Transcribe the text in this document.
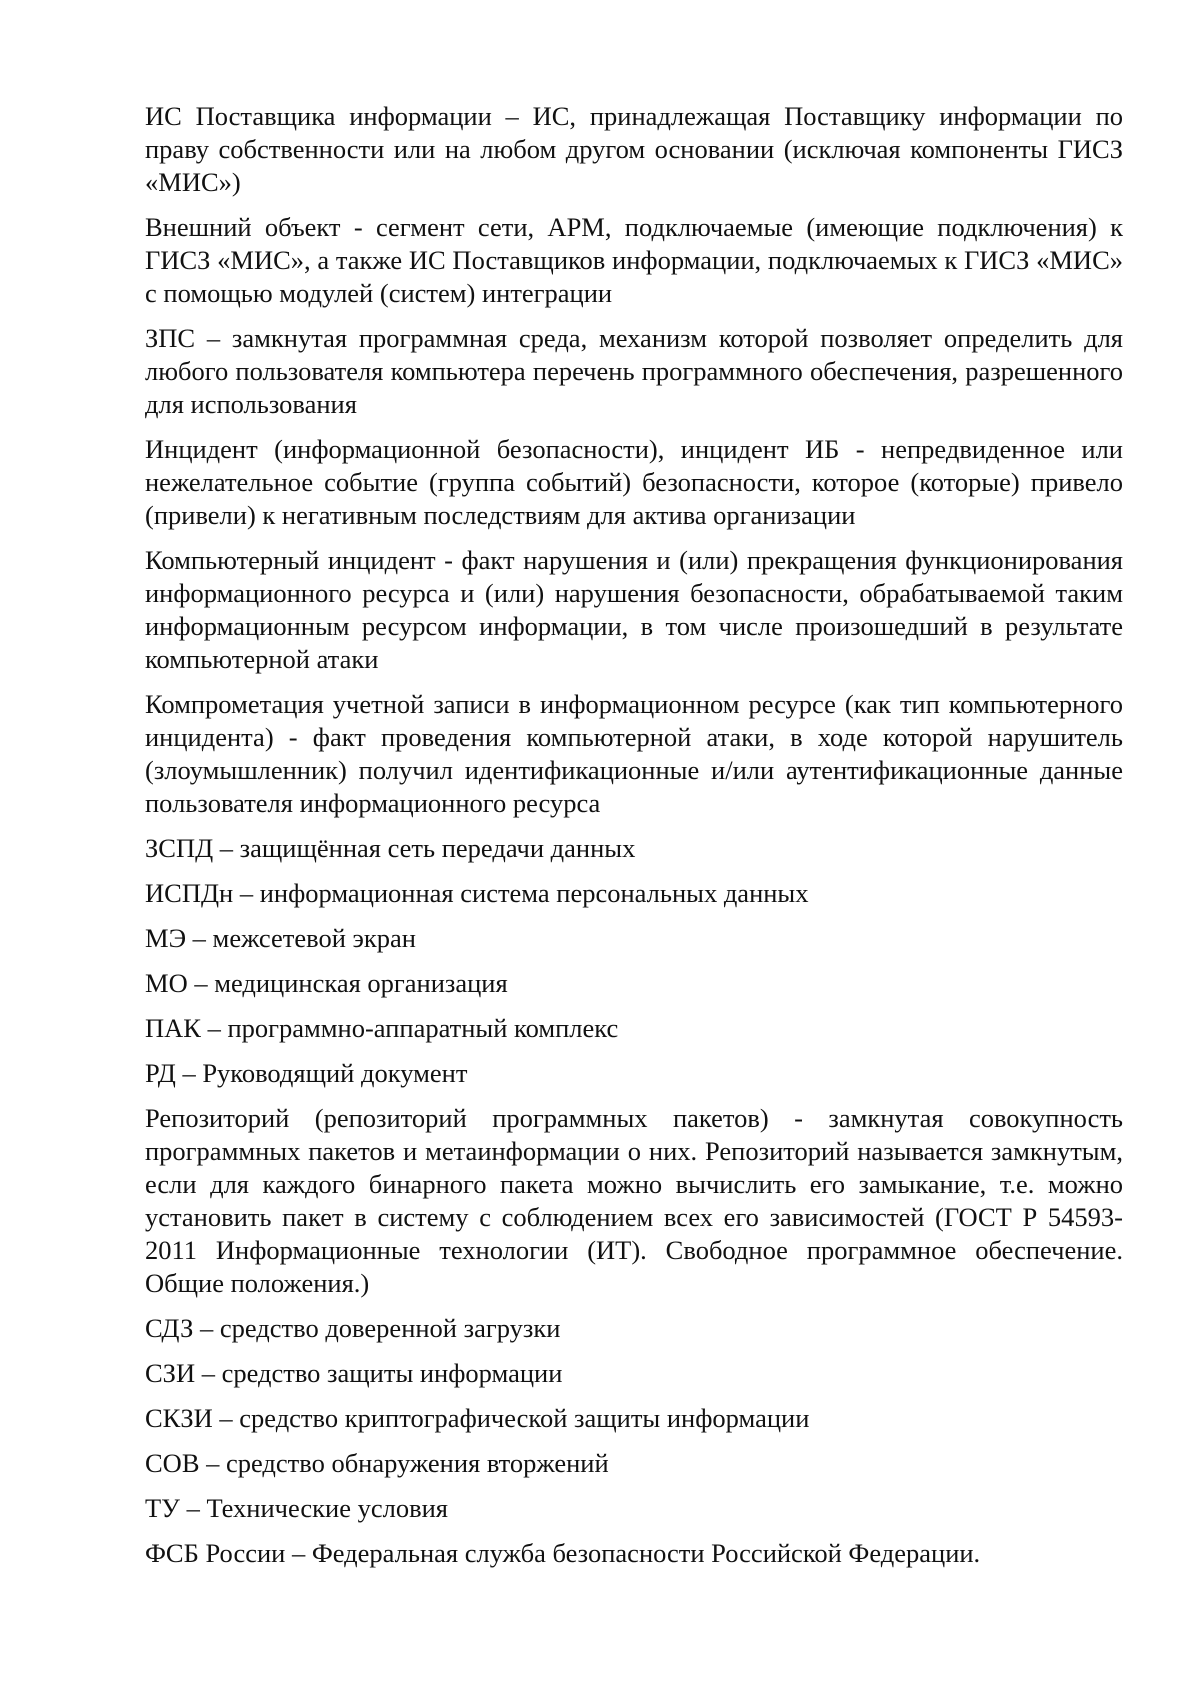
ИС Поставщика информации – ИС, принадлежащая Поставщику информации по праву собственности или на любом другом основании (исключая компоненты ГИСЗ «МИС»)

Внешний объект - сегмент сети, АРМ, подключаемые (имеющие подключения) к ГИСЗ «МИС», а также ИС Поставщиков информации, подключаемых к ГИСЗ «МИС» с помощью модулей (систем) интеграции

ЗПС – замкнутая программная среда, механизм которой позволяет определить для любого пользователя компьютера перечень программного обеспечения, разрешенного для использования

Инцидент (информационной безопасности), инцидент ИБ - непредвиденное или нежелательное событие (группа событий) безопасности, которое (которые) привело (привели) к негативным последствиям для актива организации

Компьютерный инцидент - факт нарушения и (или) прекращения функционирования информационного ресурса и (или) нарушения безопасности, обрабатываемой таким информационным ресурсом информации, в том числе произошедший в результате компьютерной атаки

Компрометация учетной записи в информационном ресурсе (как тип компьютерного инцидента) - факт проведения компьютерной атаки, в ходе которой нарушитель (злоумышленник) получил идентификационные и/или аутентификационные данные пользователя информационного ресурса

ЗСПД – защищённая сеть передачи данных

ИСПДн – информационная система персональных данных

МЭ – межсетевой экран

МО – медицинская организация

ПАК – программно-аппаратный комплекс

РД – Руководящий документ

Репозиторий (репозиторий программных пакетов) - замкнутая совокупность программных пакетов и метаинформации о них. Репозиторий называется замкнутым, если для каждого бинарного пакета можно вычислить его замыкание, т.е. можно установить пакет в систему с соблюдением всех его зависимостей (ГОСТ Р 54593-2011 Информационные технологии (ИТ). Свободное программное обеспечение. Общие положения.)

СДЗ – средство доверенной загрузки

СЗИ – средство защиты информации

СКЗИ – средство криптографической защиты информации

СОВ – средство обнаружения вторжений

ТУ – Технические условия

ФСБ России – Федеральная служба безопасности Российской Федерации.
